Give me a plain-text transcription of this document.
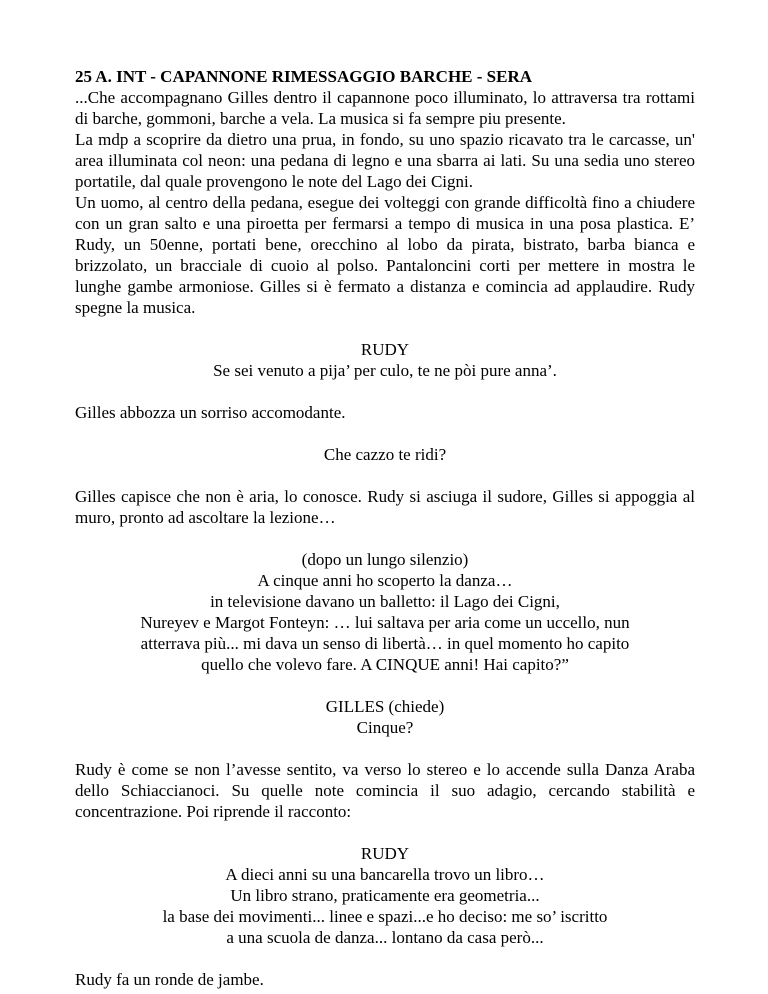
25 A. INT - CAPANNONE RIMESSAGGIO BARCHE - SERA

...Che accompagnano Gilles dentro il capannone poco illuminato, lo attraversa tra rottami di barche, gommoni, barche a vela. La musica si fa sempre piu presente.

La mdp a scoprire da dietro una prua, in fondo, su uno spazio ricavato tra le carcasse, un' area illuminata col neon: una pedana di legno e una sbarra ai lati. Su una sedia uno stereo portatile, dal quale provengono le note del Lago dei Cigni.

Un uomo, al centro della pedana, esegue dei volteggi con grande difficoltà fino a chiudere con un gran salto e una piroetta per fermarsi a tempo di musica in una posa plastica. E’ Rudy, un 50enne, portati bene, orecchino al lobo da pirata, bistrato, barba bianca e brizzolato, un bracciale di cuoio al polso. Pantaloncini corti per mettere in mostra le lunghe gambe armoniose. Gilles si è fermato a distanza e comincia ad applaudire. Rudy spegne la musica.

RUDY
Se sei venuto a pija’ per culo, te ne pòi pure anna’.

Gilles abbozza un sorriso accomodante.

Che cazzo te ridi?

Gilles capisce che non è aria, lo conosce. Rudy si asciuga il sudore, Gilles si appoggia al muro, pronto ad ascoltare la lezione…

(dopo un lungo silenzio)
A cinque anni ho scoperto la danza…
in televisione davano un balletto: il Lago dei Cigni,
Nureyev e Margot Fonteyn: … lui saltava per aria come un uccello, nun
atterrava più... mi dava un senso di libertà… in quel momento ho capito
quello che volevo fare. A CINQUE anni! Hai capito?”
GILLES (chiede)
Cinque?

Rudy è come se non l’avesse sentito, va verso lo stereo e lo accende sulla Danza Araba dello Schiaccianoci. Su quelle note comincia il suo adagio, cercando stabilità e concentrazione. Poi riprende il racconto:

RUDY
A dieci anni su una bancarella trovo un libro…
Un libro strano, praticamente era geometria...
la base dei movimenti... linee e spazi...e ho deciso: me so’ iscritto
a una scuola de danza... lontano da casa però...

Rudy fa un ronde de jambe.
